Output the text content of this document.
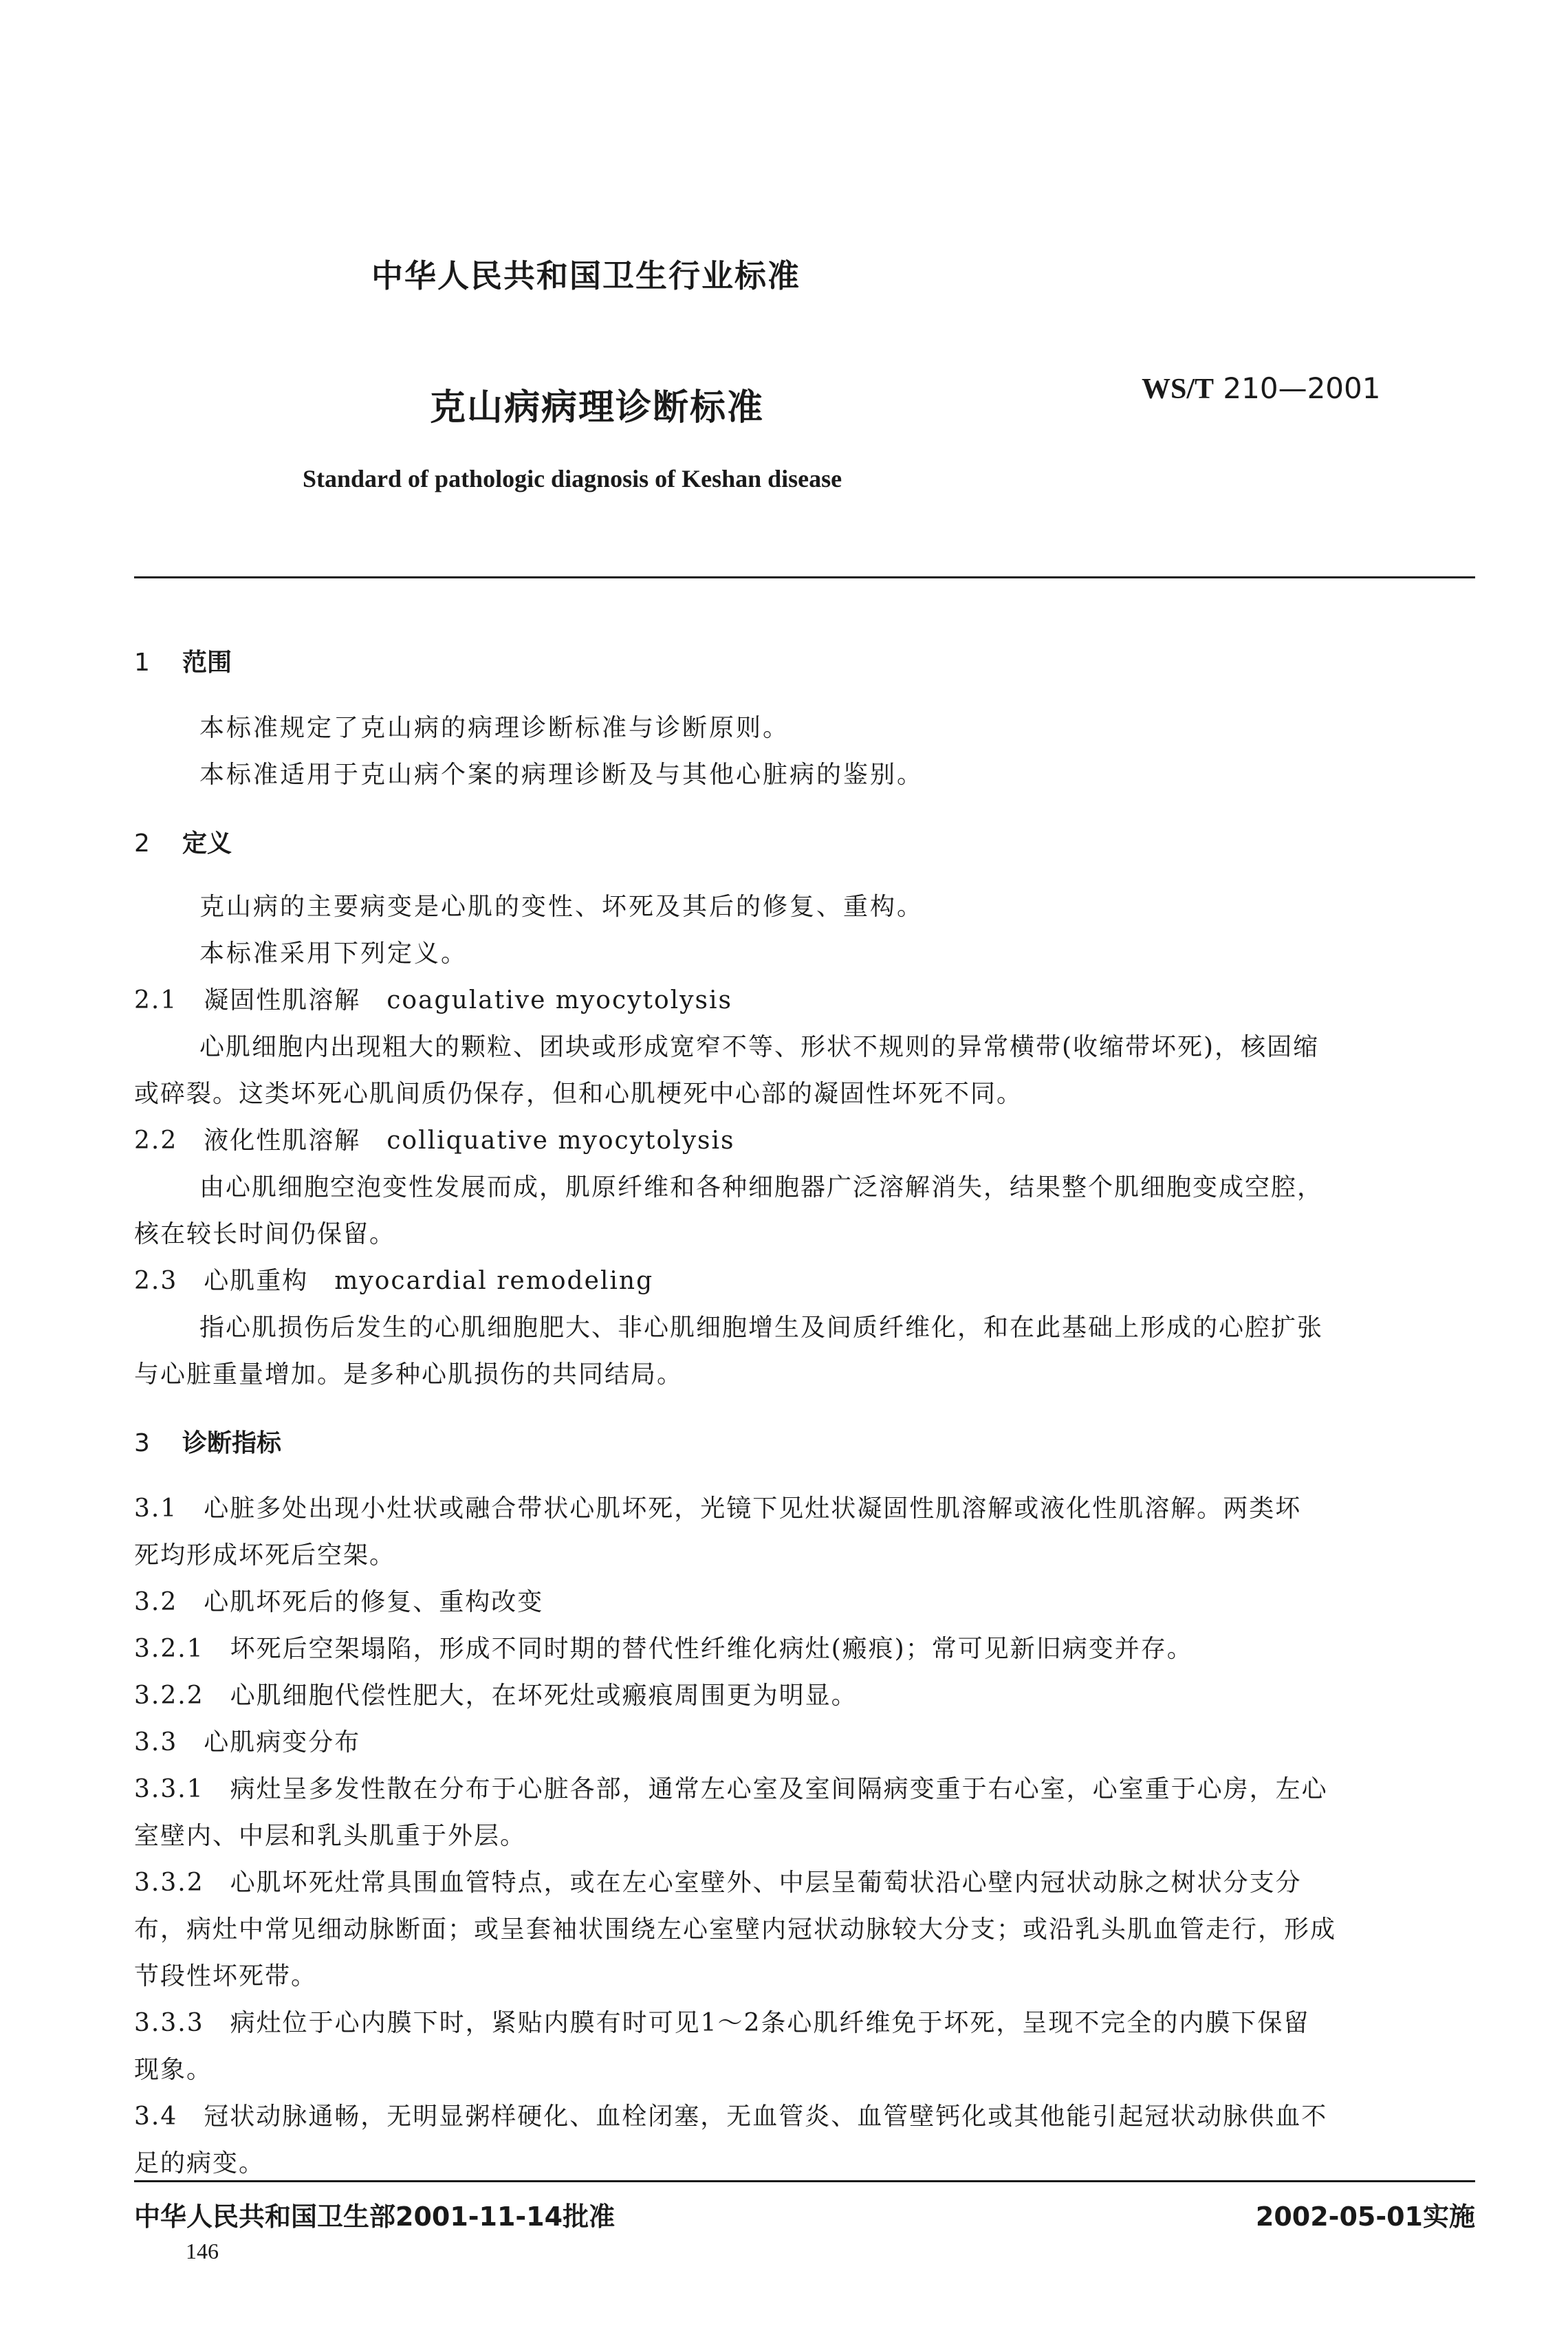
中华人民共和国卫生行业标准
克山病病理诊断标准	WS/T 210—2001
Standard of pathologic diagnosis of Keshan disease
1 范围
本标准规定了克山病的病理诊断标准与诊断原则。
本标准适用于克山病个案的病理诊断及与其他心脏病的鉴别。
2 定义
克山病的主要病变是心肌的变性、坏死及其后的修复、重构。
本标准采用下列定义。
2.1　凝固性肌溶解　coagulative myocytolysis
心肌细胞内出现粗大的颗粒、团块或形成宽窄不等、形状不规则的异常横带(收缩带坏死)，核固缩
或碎裂。这类坏死心肌间质仍保存，但和心肌梗死中心部的凝固性坏死不同。
2.2　液化性肌溶解　colliquative myocytolysis
由心肌细胞空泡变性发展而成，肌原纤维和各种细胞器广泛溶解消失，结果整个肌细胞变成空腔，
核在较长时间仍保留。
2.3　心肌重构　myocardial remodeling
指心肌损伤后发生的心肌细胞肥大、非心肌细胞增生及间质纤维化，和在此基础上形成的心腔扩张
与心脏重量增加。是多种心肌损伤的共同结局。
3 诊断指标
3.1　心脏多处出现小灶状或融合带状心肌坏死，光镜下见灶状凝固性肌溶解或液化性肌溶解。两类坏
死均形成坏死后空架。
3.2　心肌坏死后的修复、重构改变
3.2.1　坏死后空架塌陷，形成不同时期的替代性纤维化病灶(瘢痕)；常可见新旧病变并存。
3.2.2　心肌细胞代偿性肥大，在坏死灶或瘢痕周围更为明显。
3.3　心肌病变分布
3.3.1　病灶呈多发性散在分布于心脏各部，通常左心室及室间隔病变重于右心室，心室重于心房，左心
室壁内、中层和乳头肌重于外层。
3.3.2　心肌坏死灶常具围血管特点，或在左心室壁外、中层呈葡萄状沿心壁内冠状动脉之树状分支分
布，病灶中常见细动脉断面；或呈套袖状围绕左心室壁内冠状动脉较大分支；或沿乳头肌血管走行，形成
节段性坏死带。
3.3.3　病灶位于心内膜下时，紧贴内膜有时可见1～2条心肌纤维免于坏死，呈现不完全的内膜下保留
现象。
3.4　冠状动脉通畅，无明显粥样硬化、血栓闭塞，无血管炎、血管壁钙化或其他能引起冠状动脉供血不
足的病变。
中华人民共和国卫生部2001-11-14批准	2002-05-01实施
146
